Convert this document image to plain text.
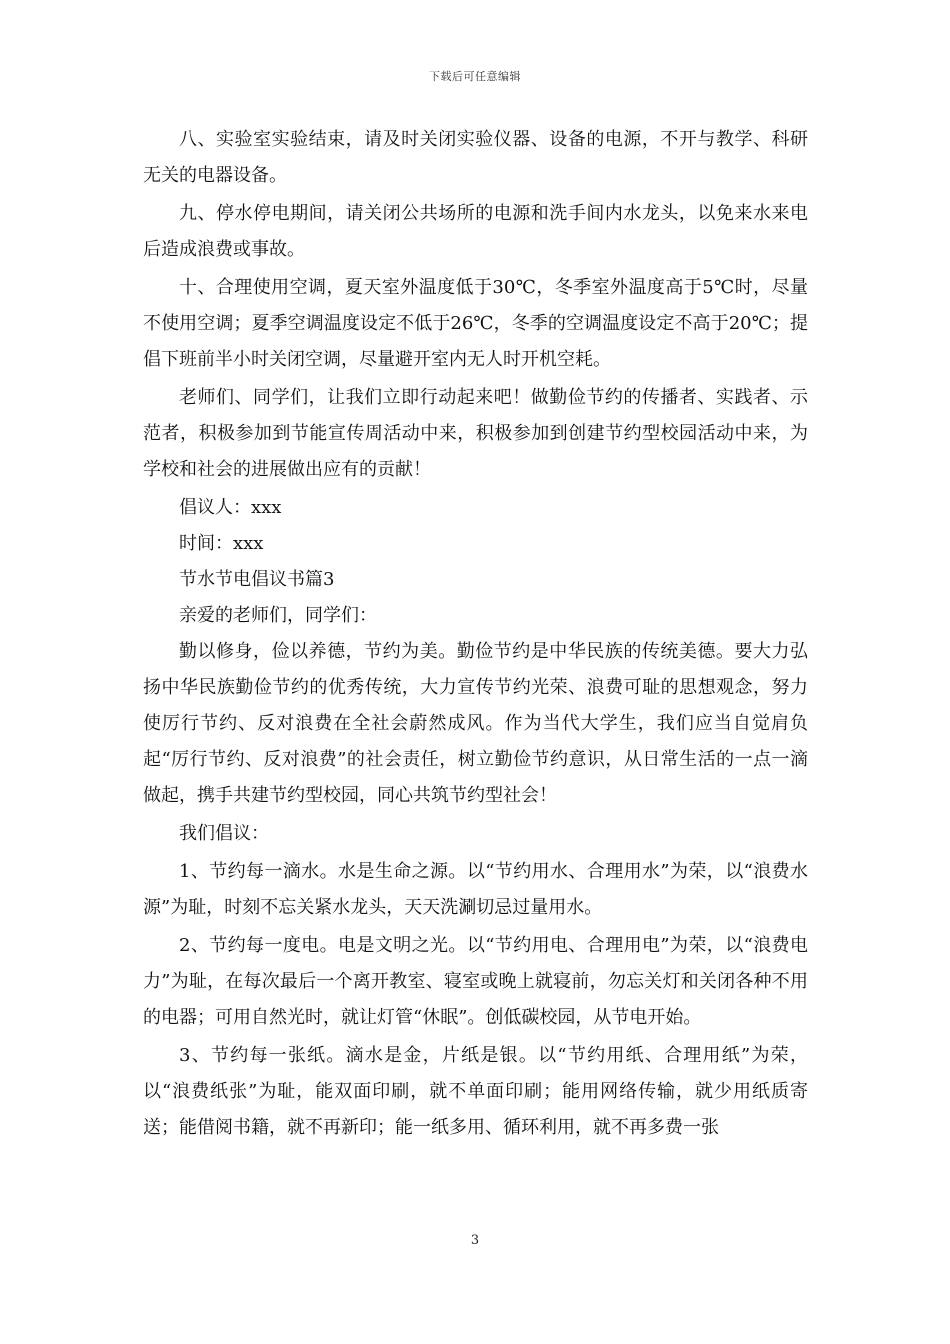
下载后可任意编辑

八、实验室实验结束，请及时关闭实验仪器、设备的电源，不开与教学、科研无关的电器设备。

九、停水停电期间，请关闭公共场所的电源和洗手间内水龙头，以免来水来电后造成浪费或事故。

十、合理使用空调，夏天室外温度低于30℃，冬季室外温度高于5℃时，尽量不使用空调；夏季空调温度设定不低于26℃，冬季的空调温度设定不高于20℃；提倡下班前半小时关闭空调，尽量避开室内无人时开机空耗。

老师们、同学们，让我们立即行动起来吧！做勤俭节约的传播者、实践者、示范者，积极参加到节能宣传周活动中来，积极参加到创建节约型校园活动中来，为学校和社会的进展做出应有的贡献！

倡议人：xxx

时间：xxx

节水节电倡议书篇3

亲爱的老师们，同学们：

勤以修身，俭以养德，节约为美。勤俭节约是中华民族的传统美德。要大力弘扬中华民族勤俭节约的优秀传统，大力宣传节约光荣、浪费可耻的思想观念，努力使厉行节约、反对浪费在全社会蔚然成风。作为当代大学生，我们应当自觉肩负起“厉行节约、反对浪费”的社会责任，树立勤俭节约意识，从日常生活的一点一滴做起，携手共建节约型校园，同心共筑节约型社会！

我们倡议：

1、节约每一滴水。水是生命之源。以“节约用水、合理用水”为荣，以“浪费水源”为耻，时刻不忘关紧水龙头，天天洗涮切忌过量用水。

2、节约每一度电。电是文明之光。以“节约用电、合理用电”为荣，以“浪费电力”为耻，在每次最后一个离开教室、寝室或晚上就寝前，勿忘关灯和关闭各种不用的电器；可用自然光时，就让灯管“休眠”。创低碳校园，从节电开始。

3、节约每一张纸。滴水是金，片纸是银。以“节约用纸、合理用纸”为荣，以“浪费纸张”为耻，能双面印刷，就不单面印刷；能用网络传输，就少用纸质寄送；能借阅书籍，就不再新印；能一纸多用、循环利用，就不再多费一张

3
